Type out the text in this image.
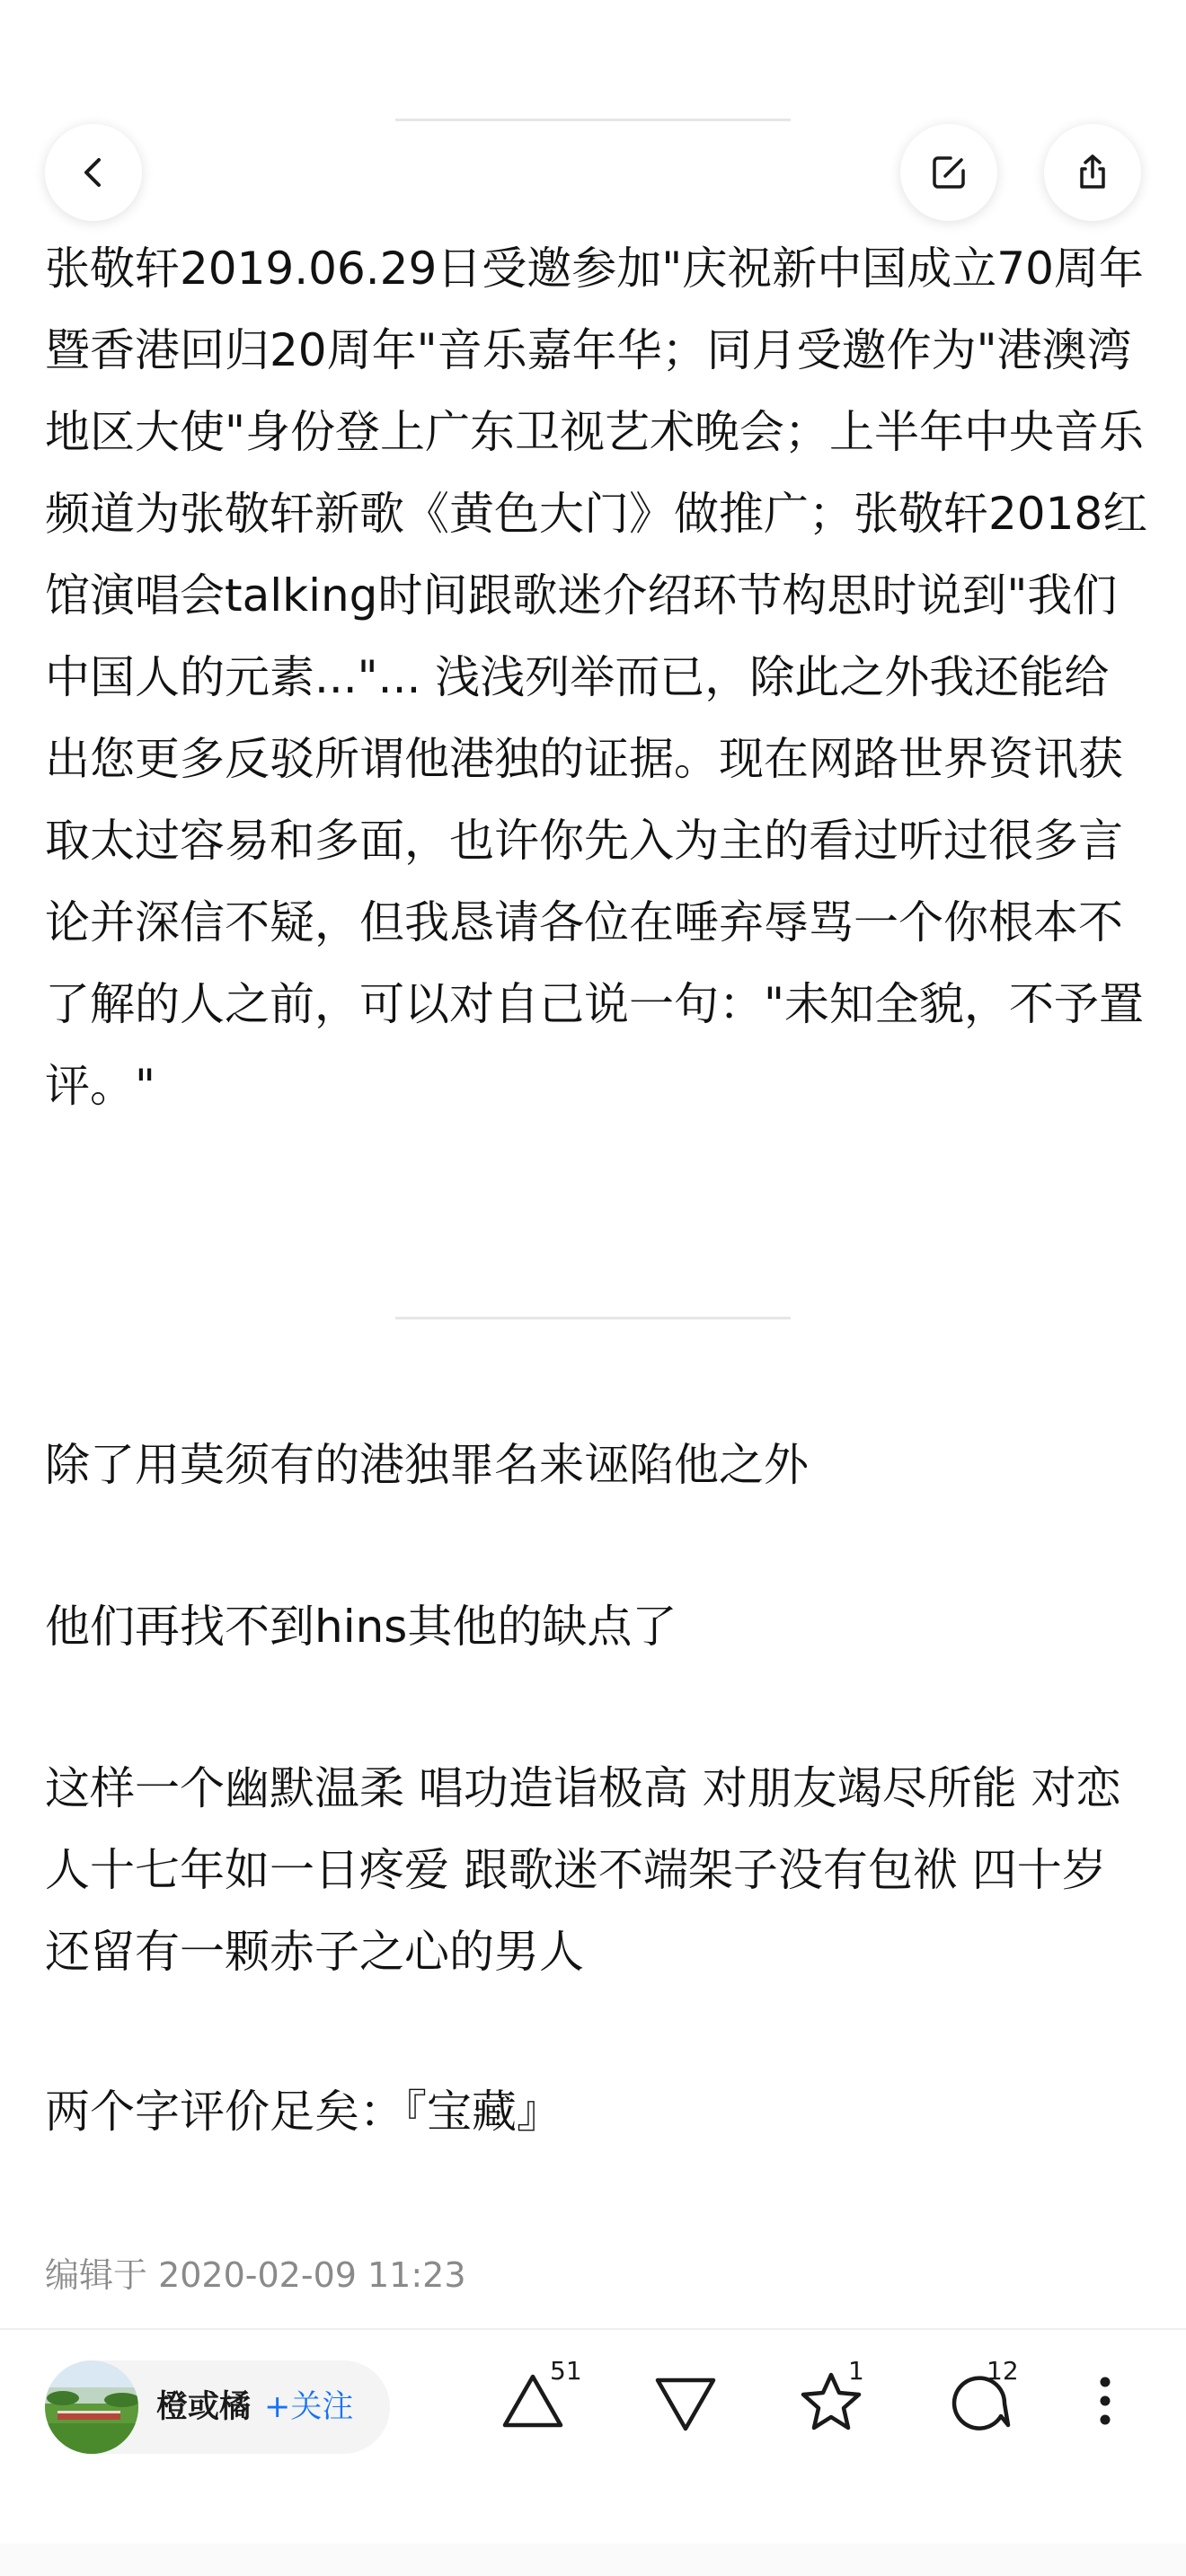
张敬轩2019.06.29日受邀参加"庆祝新中国成立70周年暨香港回归20周年"音乐嘉年华；同月受邀作为"港澳湾地区大使"身份登上广东卫视艺术晚会；上半年中央音乐频道为张敬轩新歌《黄色大门》做推广；张敬轩2018红馆演唱会talking时间跟歌迷介绍环节构思时说到"我们中国人的元素..."... 浅浅列举而已，除此之外我还能给出您更多反驳所谓他港独的证据。现在网路世界资讯获取太过容易和多面，也许你先入为主的看过听过很多言论并深信不疑，但我恳请各位在唾弃辱骂一个你根本不了解的人之前，可以对自己说一句："未知全貌，不予置评。"

除了用莫须有的港独罪名来诬陷他之外

他们再找不到hins其他的缺点了

这样一个幽默温柔 唱功造诣极高 对朋友竭尽所能 对恋人十七年如一日疼爱 跟歌迷不端架子没有包袱 四十岁还留有一颗赤子之心的男人

两个字评价足矣：『宝藏』

编辑于 2020-02-09 11:23
橙或橘 +关注
51	1	12
